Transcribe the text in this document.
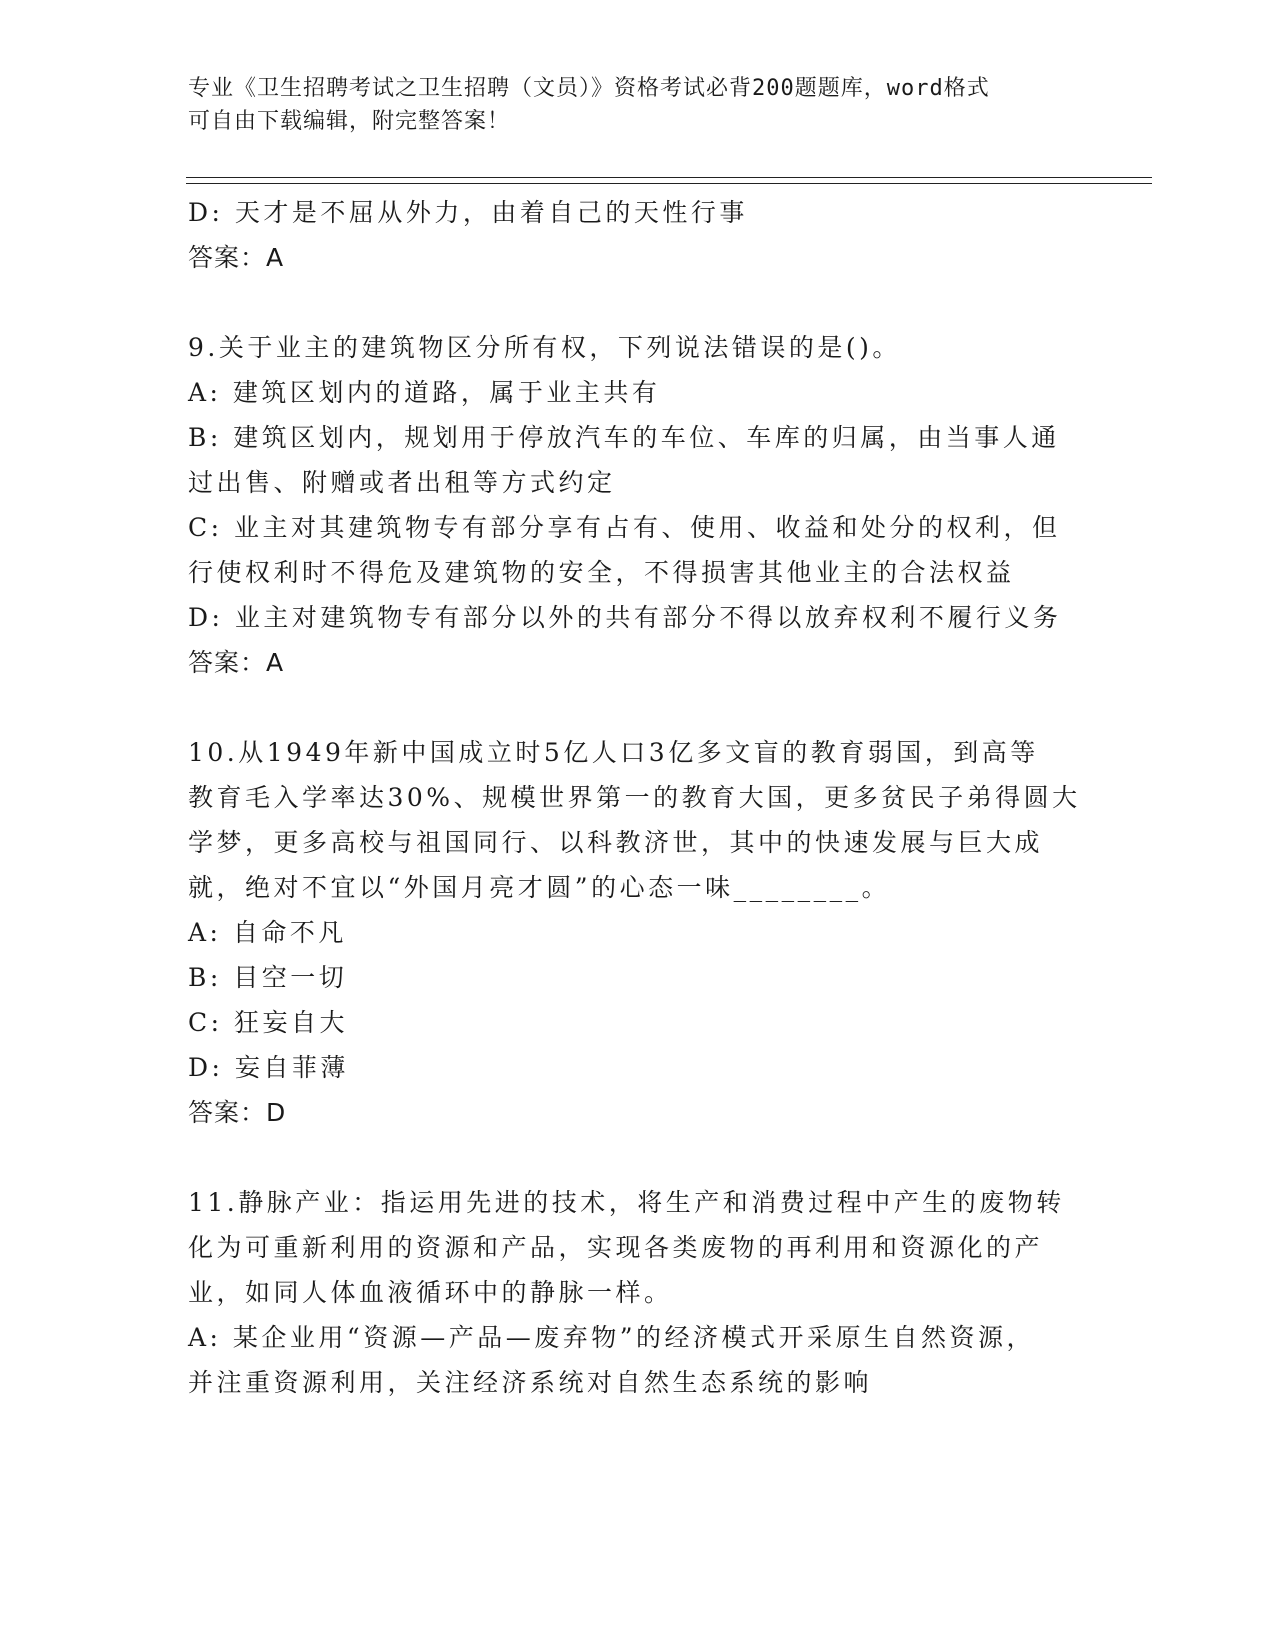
专业《卫生招聘考试之卫生招聘（文员）》资格考试必背200题题库，word格式
可自由下载编辑，附完整答案！

D: 天才是不屈从外力，由着自己的天性行事

答案：A

9.关于业主的建筑物区分所有权，下列说法错误的是()。

A: 建筑区划内的道路，属于业主共有

B: 建筑区划内，规划用于停放汽车的车位、车库的归属，由当事人通

过出售、附赠或者出租等方式约定

C: 业主对其建筑物专有部分享有占有、使用、收益和处分的权利，但

行使权利时不得危及建筑物的安全，不得损害其他业主的合法权益

D: 业主对建筑物专有部分以外的共有部分不得以放弃权利不履行义务

答案：A

10.从1949年新中国成立时5亿人口3亿多文盲的教育弱国，到高等

教育毛入学率达30%、规模世界第一的教育大国，更多贫民子弟得圆大

学梦，更多高校与祖国同行、以科教济世，其中的快速发展与巨大成

就，绝对不宜以“外国月亮才圆”的心态一味________。

A: 自命不凡

B: 目空一切

C: 狂妄自大

D: 妄自菲薄

答案：D

11.静脉产业：指运用先进的技术，将生产和消费过程中产生的废物转

化为可重新利用的资源和产品，实现各类废物的再利用和资源化的产

业，如同人体血液循环中的静脉一样。

A: 某企业用“资源—产品—废弃物”的经济模式开采原生自然资源，

并注重资源利用，关注经济系统对自然生态系统的影响
